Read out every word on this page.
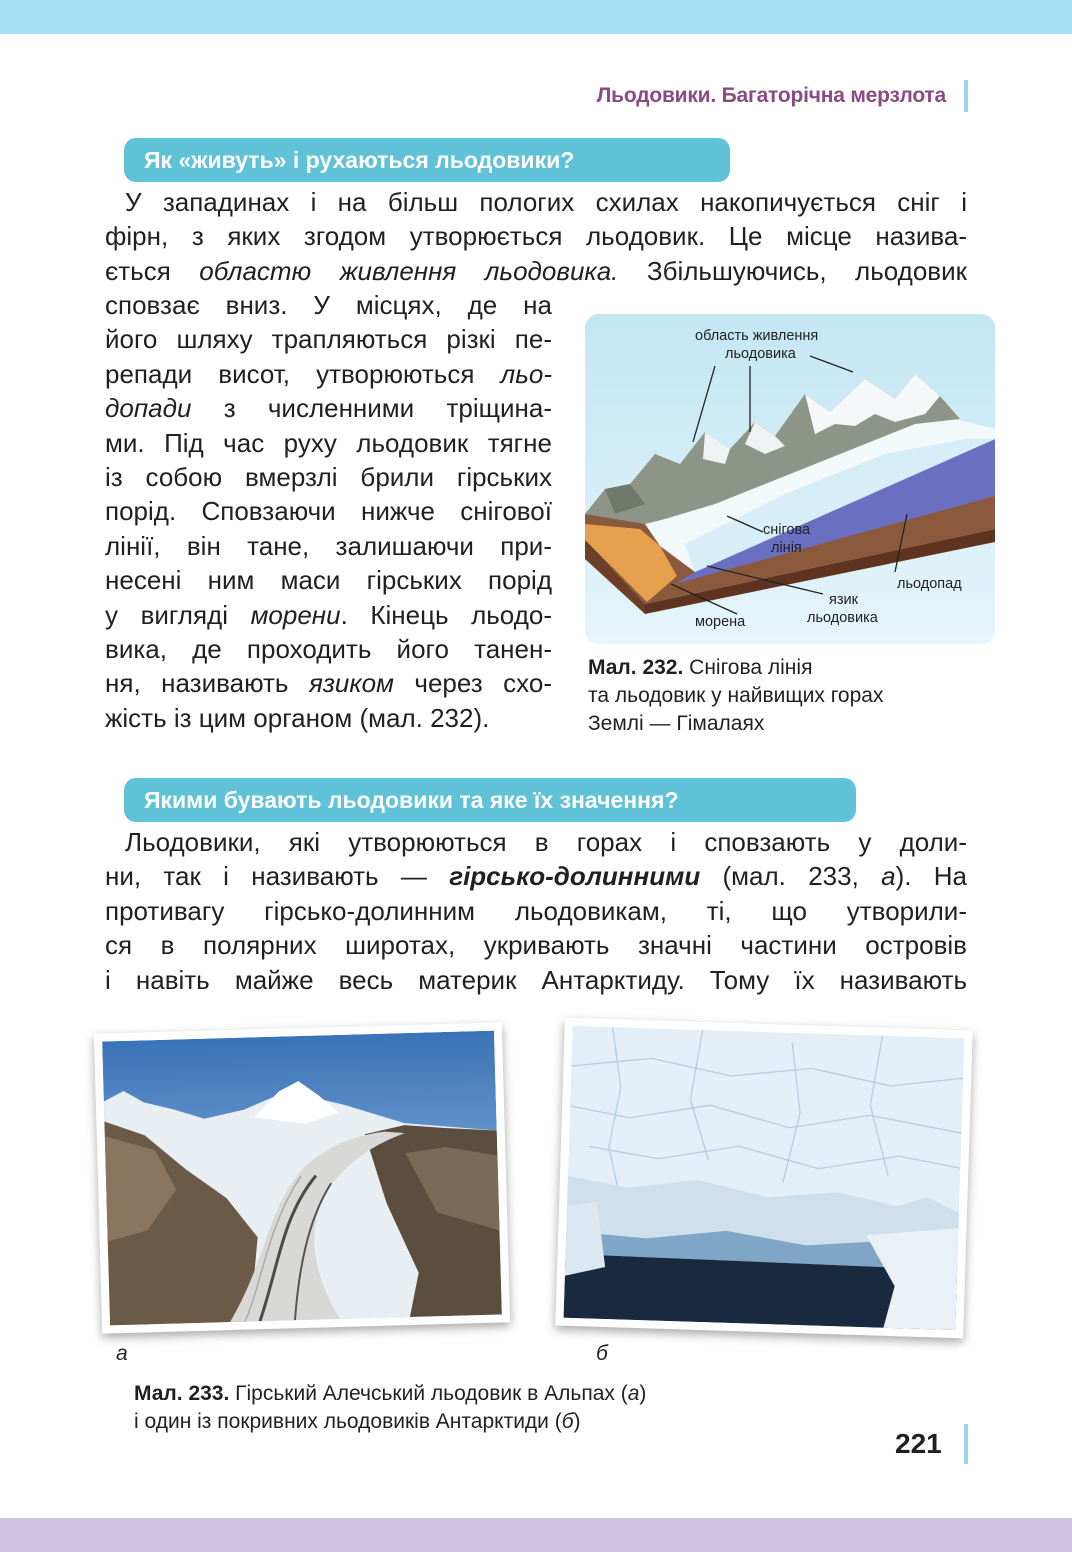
Льодовики. Багаторічна мерзлота
Як «живуть» і рухаються льодовики?
У западинах і на більш пологих схилах накопичується сніг і
фірн, з яких згодом утворюється льодовик. Це місце назива-
ється областю живлення льодовика. Збільшуючись, льодовик
сповзає вниз. У місцях, де на
його шляху трапляються різкі пе-
репади висот, утворюються льо-
допади з численними тріщина-
ми. Під час руху льодовик тягне
із собою вмерзлі брили гірських
порід. Сповзаючи нижче снігової
лінії, він тане, залишаючи при-
несені ним маси гірських порід
у вигляді морени. Кінець льодо-
вика, де проходить його танен-
ня, називають язиком через схо-
жість із цим органом (мал. 232).
область живлення
льодовика
снігова
лінія
льодопад
язик
льодовика
морена
Мал. 232. Снігова лінія
та льодовик у найвищих горах
Землі — Гімалаях
Якими бувають льодовики та яке їх значення?
Льодовики, які утворюються в горах і сповзають у доли-
ни, так і називають — гірсько-долинними (мал. 233, а). На
противагу гірсько-долинним льодовикам, ті, що утворили-
ся в полярних широтах, укривають значні частини островів
і навіть майже весь материк Антарктиду. Тому їх називають
а	б
Мал. 233. Гірський Алечський льодовик в Альпах (а)
і один із покривних льодовиків Антарктиди (б)
221
